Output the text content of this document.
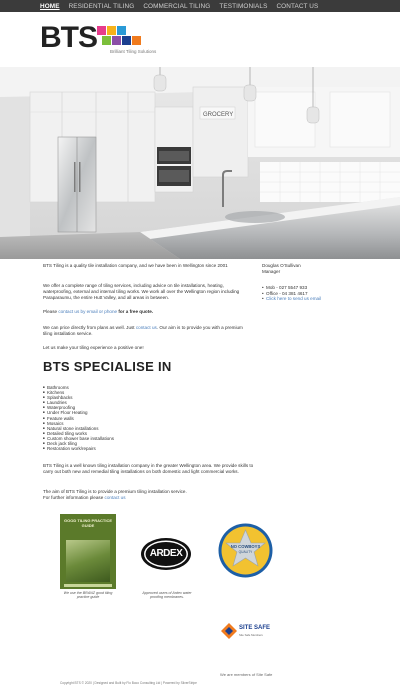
HOME RESIDENTIAL TILING COMMERCIAL TILING TESTIMONIALS CONTACT US
BTS	Brilliant Tiling Solutions
GROCERY

BTS Tiling is a quality tile installation company, and we have been in Wellington since 2001

We offer a complete range of tiling services, including advice on tile installations, heating, waterproofing, external and internal tiling works. We work all over the Wellington region including Paraparaumu, the entire Hutt Valley, and all areas in between.

Please contact us by email or phone for a free quote.

We can price directly from plans as well. Just contact us. Our aim is to provide you with a premium tiling installation service.

Let us make your tiling experience a positive one!

Douglas O'Sullivan
Manager
• Mob - 027 5547 933
• Office - 04 381 4617
• Click here to send us email
BTS SPECIALISE IN
■ Bathrooms
■ Kitchens
■ Splashbacks
■ Laundries
■ Waterproofing
■ Under Floor Heating
■ Feature walls
■ Mosaics
■ Natural stone installations
■ Detailed tiling works
■ Custom shower base installations
■ Deck jack tiling
■ Restoration work/repairs

BTS Tiling is a well known tiling installation company in the greater Wellington area. We provide skills to carry out both new and remedial tiling installations on both domestic and light commercial works.

The aim of BTS Tiling is to provide a premium tiling installation service.

For further information please contact us

GOOD TILING PRACTICE GUIDE
We use the BRANZ good tiling practice guide
ARDEX
Approved users of Ardex water proofing membranes.
NO COWBOYS
QUALITY
SITE SAFE
Site Safe Members
We are members of Site Safe
Copyright BTS © 2020 | Designed and Built by Flo Boco Consulting Ltd | Powered by SilverStripe
